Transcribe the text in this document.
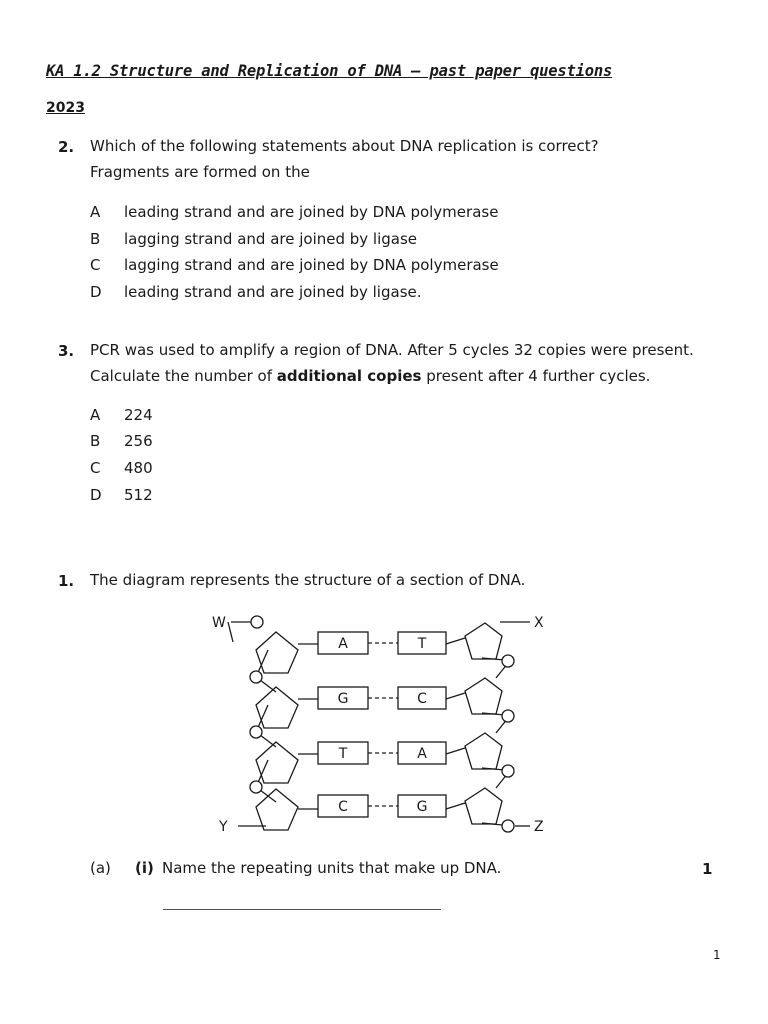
KA 1.2 Structure and Replication of DNA – past paper questions
2023
2. Which of the following statements about DNA replication is correct?
Fragments are formed on the
A leading strand and are joined by DNA polymerase
B lagging strand and are joined by ligase
C lagging strand and are joined by DNA polymerase
D leading strand and are joined by ligase.
3. PCR was used to amplify a region of DNA. After 5 cycles 32 copies were present.
Calculate the number of additional copies present after 4 further cycles.
A 224
B 256
C 480
D 512
1. The diagram represents the structure of a section of DNA.
A	T
G	C
T	A
C	G
W	X
Y	Z
(a) (i) Name the repeating units that make up DNA.	1
1
